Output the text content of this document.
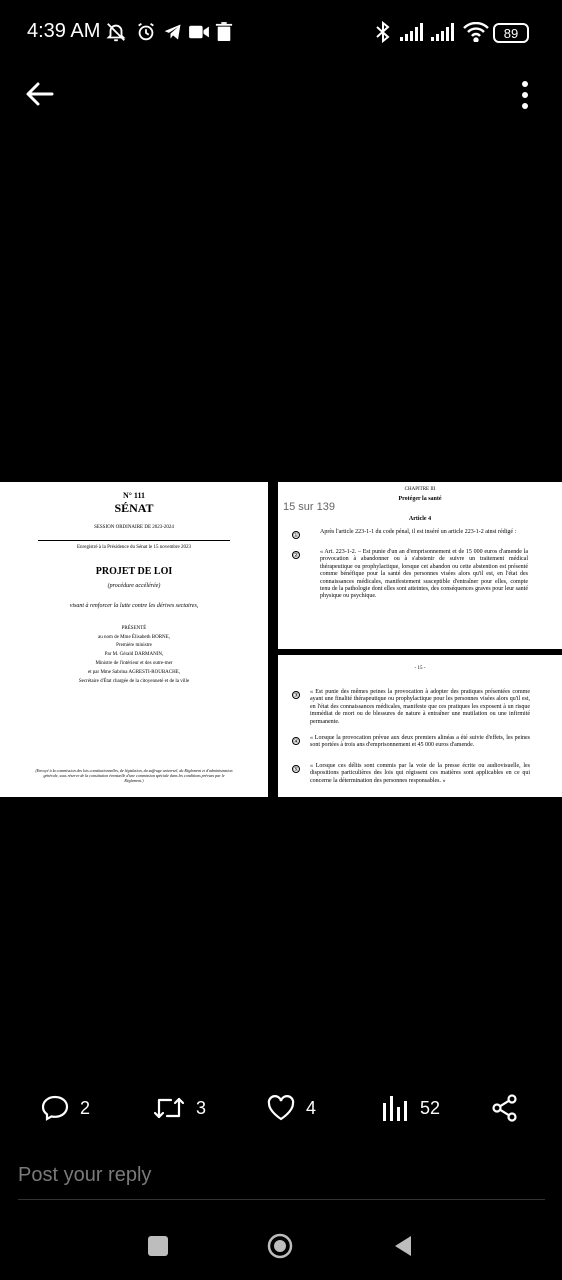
4:39 AM	89
N° 111
SÉNAT
SESSION ORDINAIRE DE 2023-2024
Enregistré à la Présidence du Sénat le 15 novembre 2023
PROJET DE LOI
(procédure accélérée)
visant à renforcer la lutte contre les dérives sectaires,
PRÉSENTÉ
au nom de Mme Élisabeth BORNE,
Première ministre
Par M. Gérald DARMANIN,
Ministre de l'intérieur et des outre-mer
et par Mme Sabrina AGRESTI-ROUBACHE,
Secrétaire d'État chargée de la citoyenneté et de la ville
(Envoyé à la commission des lois constitutionnelles, de législation, du suffrage universel, du Règlement et d'administration générale, sous réserve de la constitution éventuelle d'une commission spéciale dans les conditions prévues par le Règlement.)
15 sur 139
CHAPITRE III
Protéger la santé
Article 4
①
Après l'article 223-1-1 du code pénal, il est inséré un article 223-1-2 ainsi rédigé :
②
« Art. 223-1-2. – Est punie d'un an d'emprisonnement et de 15 000 euros d'amende la provocation à abandonner ou à s'abstenir de suivre un traitement médical thérapeutique ou prophylactique, lorsque cet abandon ou cette abstention est présenté comme bénéfique pour la santé des personnes visées alors qu'il est, en l'état des connaissances médicales, manifestement susceptible d'entraîner pour elles, compte tenu de la pathologie dont elles sont atteintes, des conséquences graves pour leur santé physique ou psychique.
- 15 -
③
« Est punie des mêmes peines la provocation à adopter des pratiques présentées comme ayant une finalité thérapeutique ou prophylactique pour les personnes visées alors qu'il est, en l'état des connaissances médicales, manifeste que ces pratiques les exposent à un risque immédiat de mort ou de blessures de nature à entraîner une mutilation ou une infirmité permanente.
④
« Lorsque la provocation prévue aux deux premiers alinéas a été suivie d'effets, les peines sont portées à trois ans d'emprisonnement et 45 000 euros d'amende.
⑤
« Lorsque ces délits sont commis par la voie de la presse écrite ou audiovisuelle, les dispositions particulières des lois qui régissent ces matières sont applicables en ce qui concerne la détermination des personnes responsables. »
2	3	4	52
Post your reply
